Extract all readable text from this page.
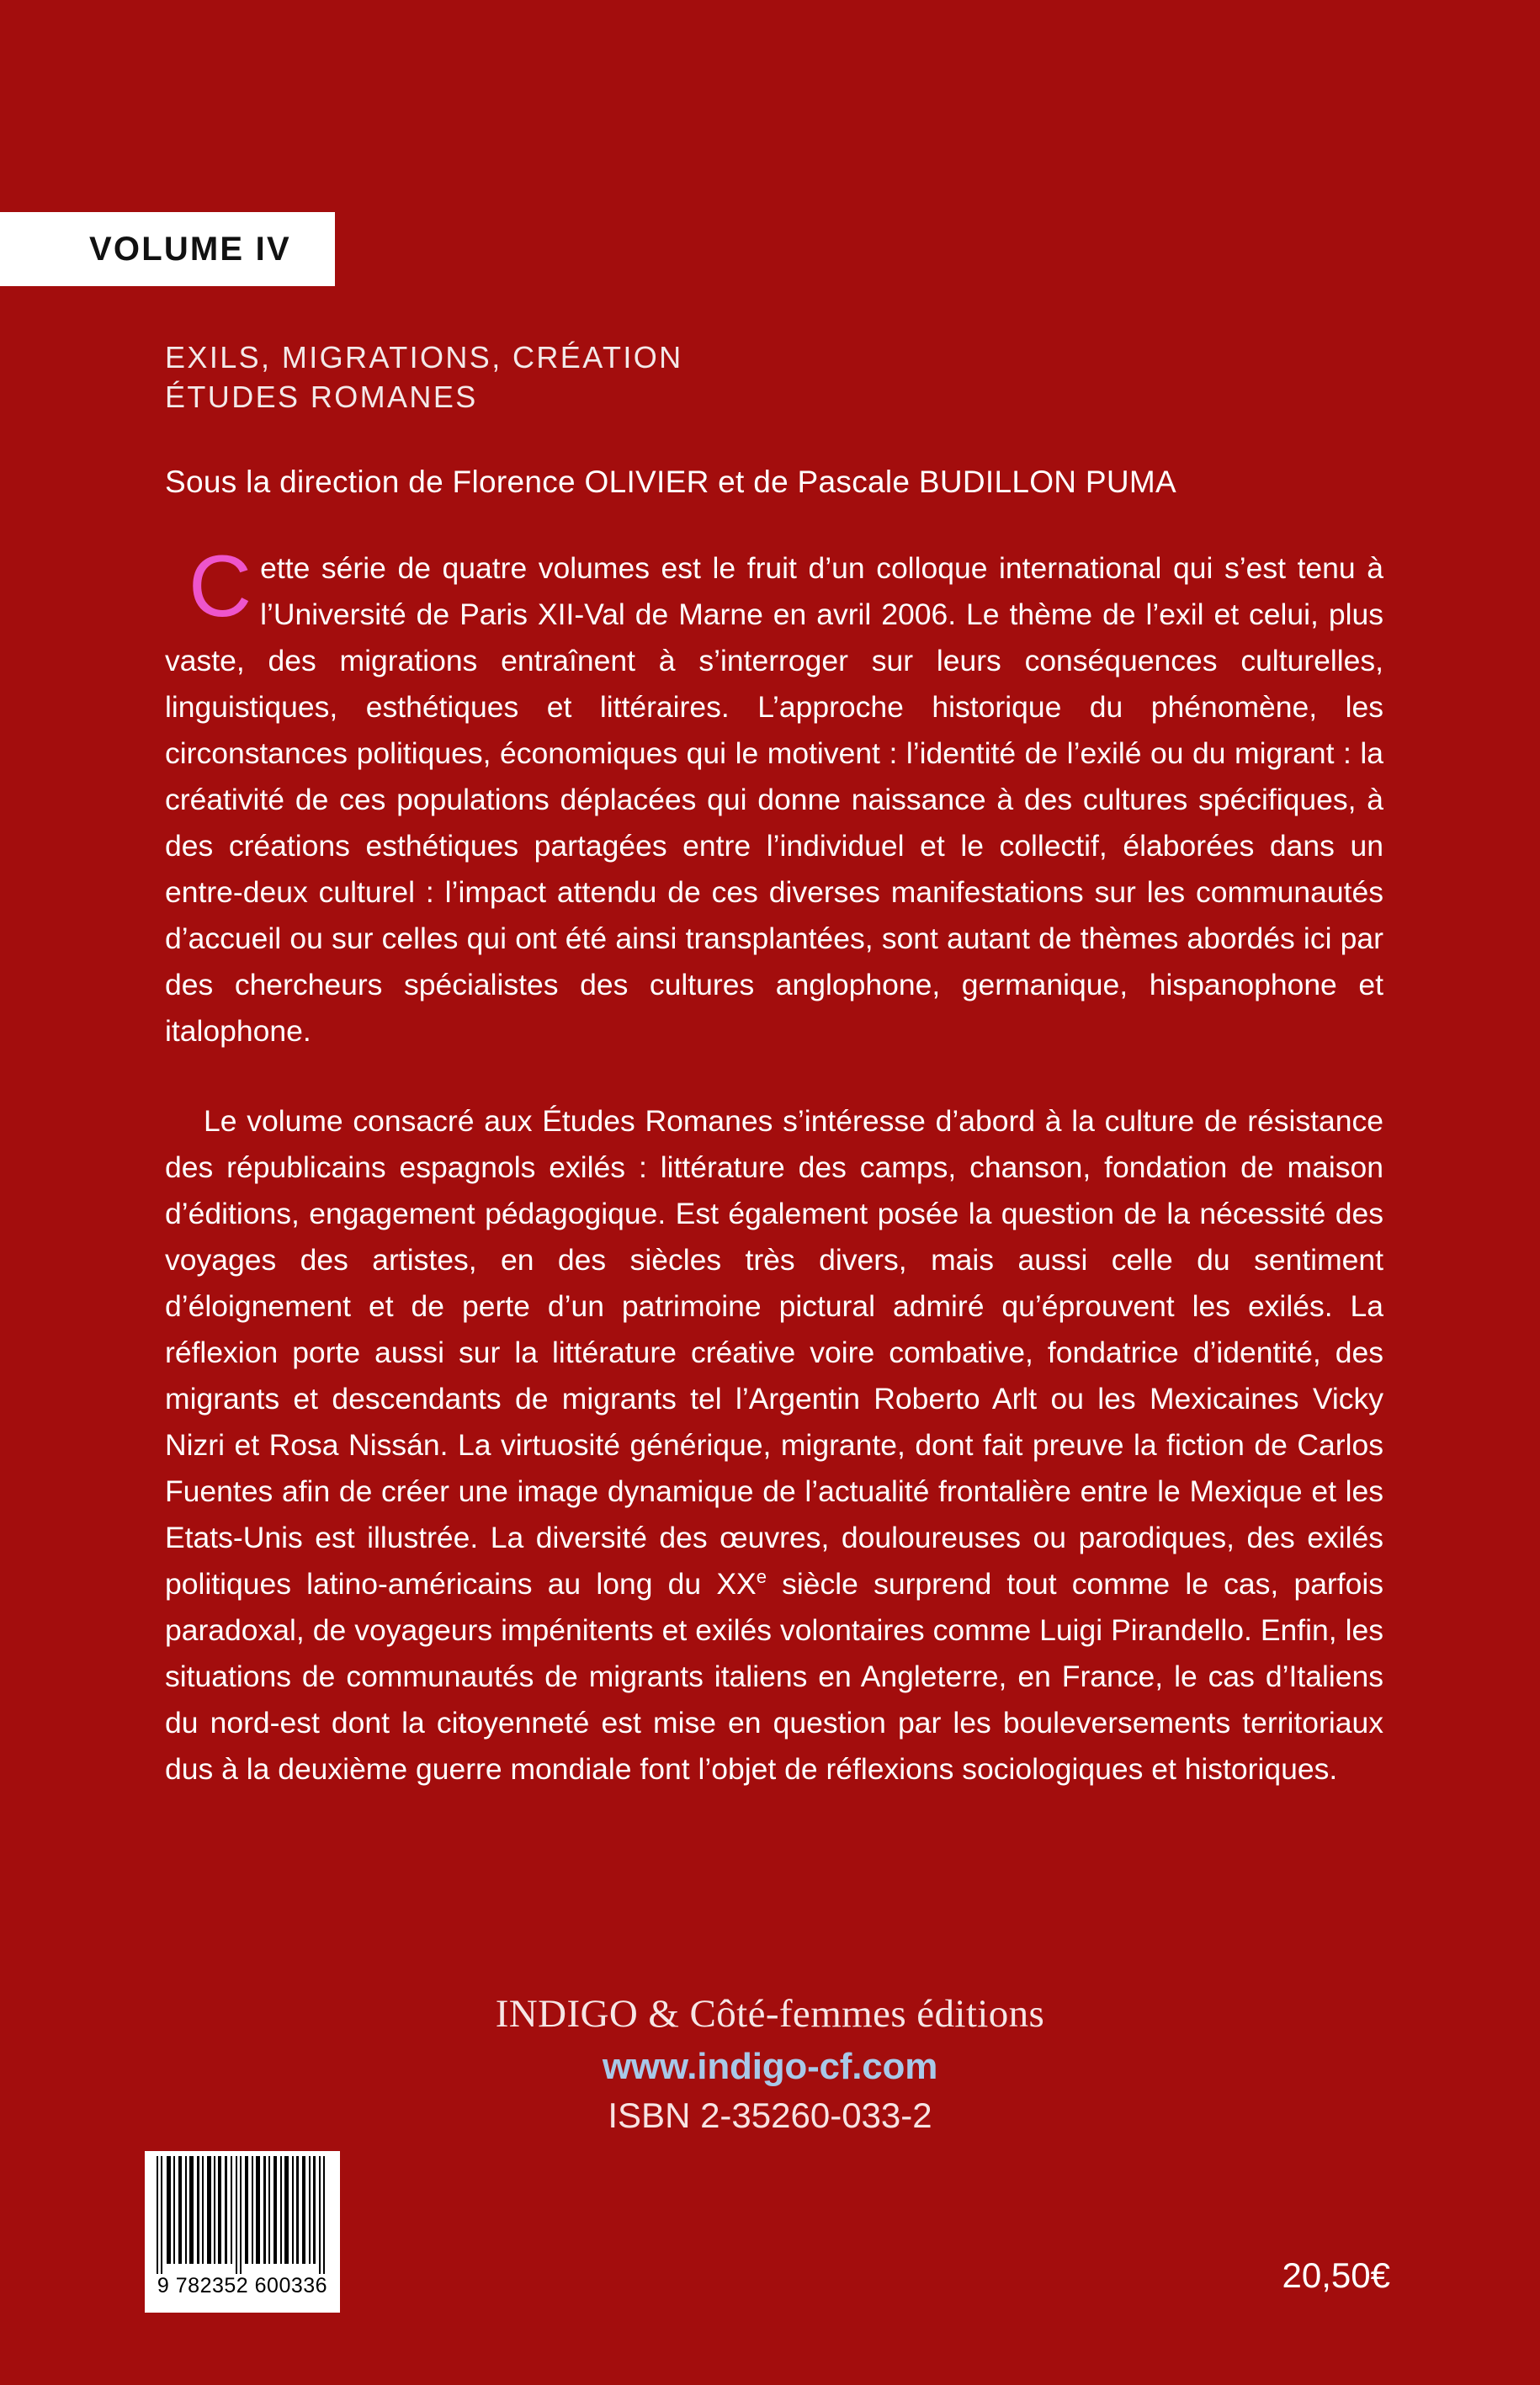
VOLUME IV
EXILS, MIGRATIONS, CRÉATION
ÉTUDES ROMANES
Sous la direction de Florence OLIVIER et de Pascale BUDILLON PUMA

Cette série de quatre volumes est le fruit d’un colloque international qui s’est tenu à l’Université de Paris XII-Val de Marne en avril 2006. Le thème de l’exil et celui, plus vaste, des migrations entraînent à s’interroger sur leurs conséquences culturelles, linguistiques, esthétiques et littéraires. L’approche historique du phénomène, les circonstances politiques, économiques qui le motivent : l’identité de l’exilé ou du migrant : la créativité de ces populations déplacées qui donne naissance à des cultures spécifiques, à des créations esthétiques partagées entre l’individuel et le collectif, élaborées dans un entre-deux culturel : l’impact attendu de ces diverses manifestations sur les communautés d’accueil ou sur celles qui ont été ainsi transplantées, sont autant de thèmes abordés ici par des chercheurs spécialistes des cultures anglophone, germanique, hispanophone et italophone.

Le volume consacré aux Études Romanes s’intéresse d’abord à la culture de résistance des républicains espagnols exilés : littérature des camps, chanson, fondation de maison d’éditions, engagement pédagogique. Est également posée la question de la nécessité des voyages des artistes, en des siècles très divers, mais aussi celle du sentiment d’éloignement et de perte d’un patrimoine pictural admiré qu’éprouvent les exilés. La réflexion porte aussi sur la littérature créative voire combative, fondatrice d’identité, des migrants et descendants de migrants tel l’Argentin Roberto Arlt ou les Mexicaines Vicky Nizri et Rosa Nissán. La virtuosité générique, migrante, dont fait preuve la fiction de Carlos Fuentes afin de créer une image dynamique de l’actualité frontalière entre le Mexique et les Etats-Unis est illustrée. La diversité des œuvres, douloureuses ou parodiques, des exilés politiques latino-américains au long du XXe siècle surprend tout comme le cas, parfois paradoxal, de voyageurs impénitents et exilés volontaires comme Luigi Pirandello. Enfin, les situations de communautés de migrants italiens en Angleterre, en France, le cas d’Italiens du nord-est dont la citoyenneté est mise en question par les bouleversements territoriaux dus à la deuxième guerre mondiale font l’objet de réflexions sociologiques et historiques.

INDIGO & Côté-femmes éditions
www.indigo-cf.com
ISBN 2-35260-033-2
9 782352 600336	20,50€
